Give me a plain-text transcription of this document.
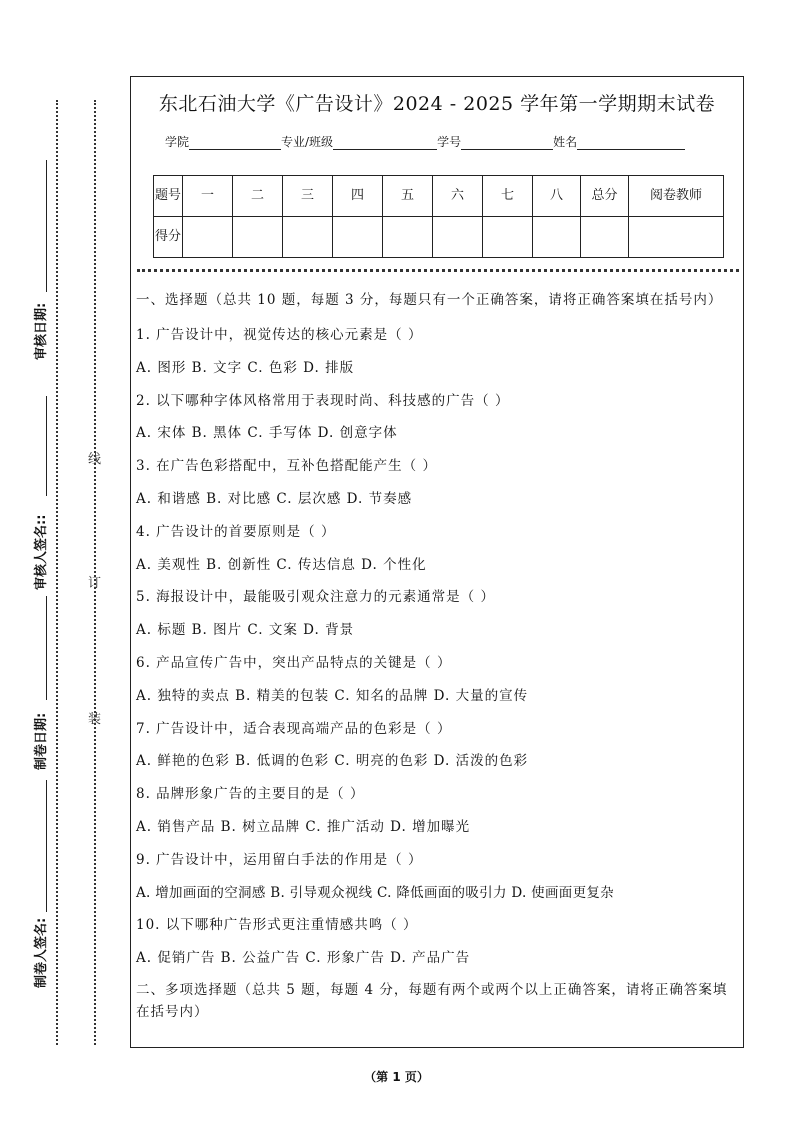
审核日期:
审核人签名::
制卷日期:
制卷人签名:
线
订
装
东北石油大学《广告设计》2024 - 2025 学年第一学期期末试卷
学院	专业/班级	学号	姓名
题号	一	二	三	四	五	六	七	八	总分	阅卷教师
得分										

一、选择题（总共 10 题，每题 3 分，每题只有一个正确答案，请将正确答案填在括号内）

1. 广告设计中，视觉传达的核心元素是（ ）

A. 图形 B. 文字 C. 色彩 D. 排版

2. 以下哪种字体风格常用于表现时尚、科技感的广告（ ）

A. 宋体 B. 黑体 C. 手写体 D. 创意字体

3. 在广告色彩搭配中，互补色搭配能产生（ ）

A. 和谐感 B. 对比感 C. 层次感 D. 节奏感

4. 广告设计的首要原则是（ ）

A. 美观性 B. 创新性 C. 传达信息 D. 个性化

5. 海报设计中，最能吸引观众注意力的元素通常是（ ）

A. 标题 B. 图片 C. 文案 D. 背景

6. 产品宣传广告中，突出产品特点的关键是（ ）

A. 独特的卖点 B. 精美的包装 C. 知名的品牌 D. 大量的宣传

7. 广告设计中，适合表现高端产品的色彩是（ ）

A. 鲜艳的色彩 B. 低调的色彩 C. 明亮的色彩 D. 活泼的色彩

8. 品牌形象广告的主要目的是（ ）

A. 销售产品 B. 树立品牌 C. 推广活动 D. 增加曝光

9. 广告设计中，运用留白手法的作用是（ ）

A. 增加画面的空洞感 B. 引导观众视线 C. 降低画面的吸引力 D. 使画面更复杂

10. 以下哪种广告形式更注重情感共鸣（ ）

A. 促销广告 B. 公益广告 C. 形象广告 D. 产品广告

二、多项选择题（总共 5 题，每题 4 分，每题有两个或两个以上正确答案，请将正确答案填在括号内）

（第 1 页）
